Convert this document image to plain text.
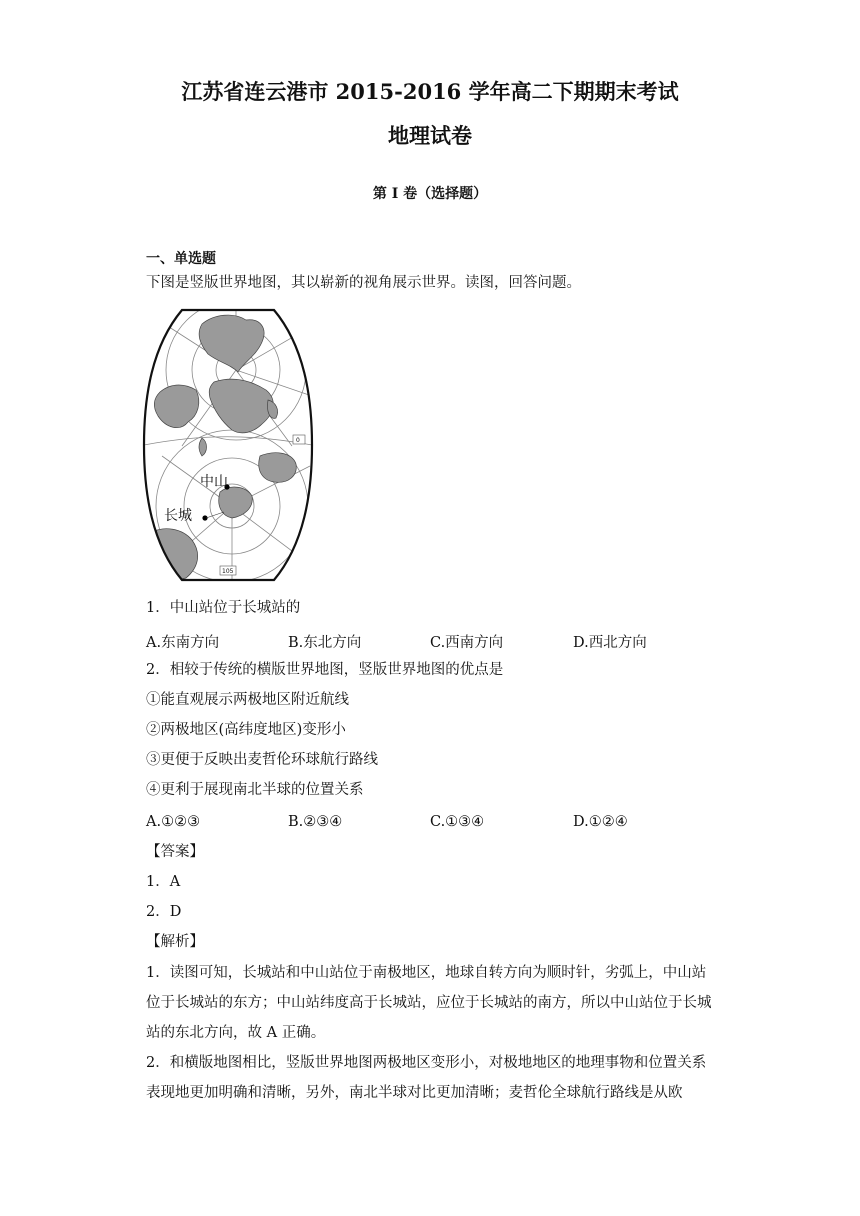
江苏省连云港市 2015-2016 学年高二下期期末考试
地理试卷
第 I 卷（选择题）
一、单选题
下图是竖版世界地图，其以崭新的视角展示世界。读图，回答问题。
中山
长城
0
105
1．中山站位于长城站的
A.东南方向	B.东北方向	C.西南方向	D.西北方向
2．相较于传统的横版世界地图，竖版世界地图的优点是
①能直观展示两极地区附近航线
②两极地区(高纬度地区)变形小
③更便于反映出麦哲伦环球航行路线
④更利于展现南北半球的位置关系
A.①②③	B.②③④	C.①③④	D.①②④
【答案】
1．A
2．D
【解析】
1．读图可知，长城站和中山站位于南极地区，地球自转方向为顺时针，劣弧上，中山站位于长城站的东方；中山站纬度高于长城站，应位于长城站的南方，所以中山站位于长城站的东北方向，故 A 正确。
2．和横版地图相比，竖版世界地图两极地区变形小，对极地地区的地理事物和位置关系表现地更加明确和清晰，另外，南北半球对比更加清晰；麦哲伦全球航行路线是从欧
